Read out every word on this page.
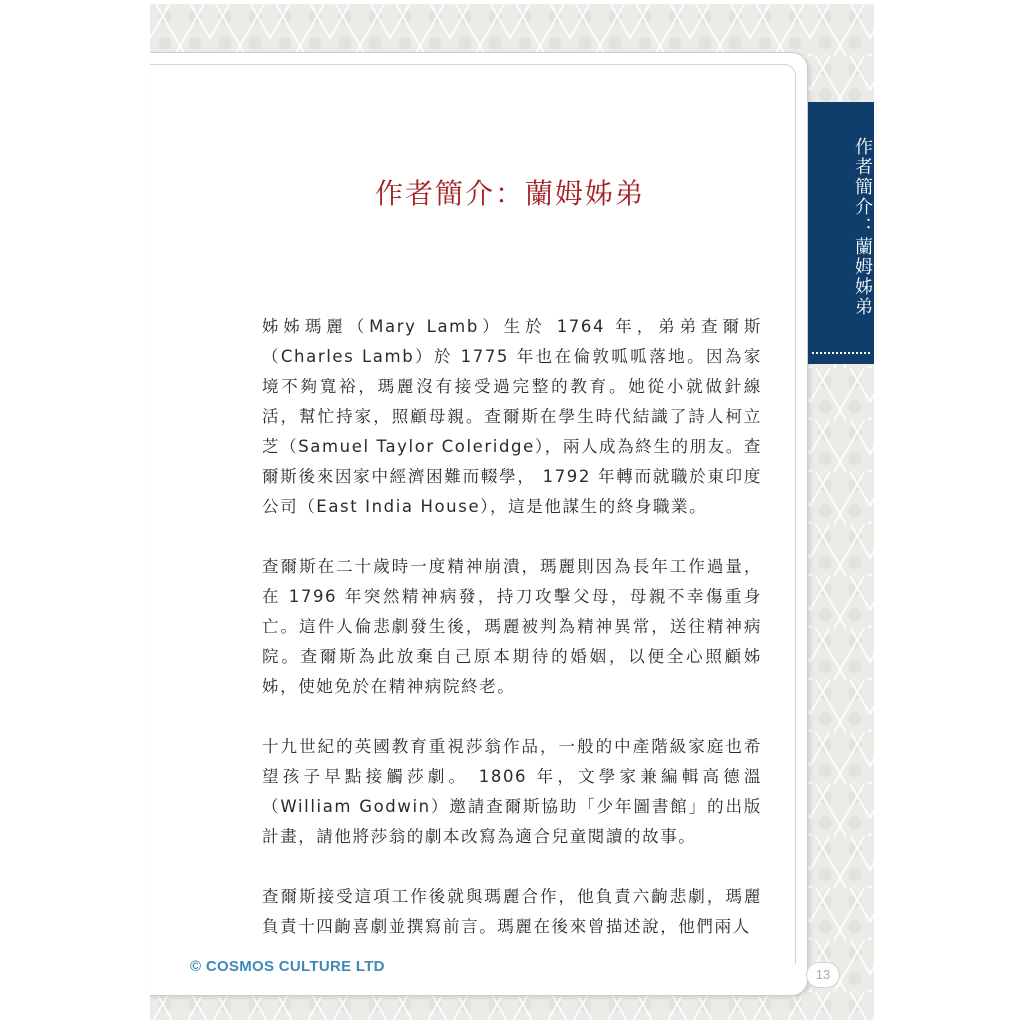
作者簡介：蘭姆姊弟
作者簡介：蘭姆姊弟

姊姊瑪麗（Mary Lamb）生於 1764 年，弟弟查爾斯（Charles Lamb）於 1775 年也在倫敦呱呱落地。因為家境不夠寬裕，瑪麗沒有接受過完整的教育。她從小就做針線活，幫忙持家，照顧母親。查爾斯在學生時代結識了詩人柯立芝（Samuel Taylor Coleridge），兩人成為終生的朋友。查爾斯後來因家中經濟困難而輟學， 1792 年轉而就職於東印度公司（East India House），這是他謀生的終身職業。

查爾斯在二十歲時一度精神崩潰，瑪麗則因為長年工作過量，在 1796 年突然精神病發，持刀攻擊父母，母親不幸傷重身亡。這件人倫悲劇發生後，瑪麗被判為精神異常，送往精神病院。查爾斯為此放棄自己原本期待的婚姻，以便全心照顧姊姊，使她免於在精神病院終老。

十九世紀的英國教育重視莎翁作品，一般的中產階級家庭也希望孩子早點接觸莎劇。 1806 年，文學家兼編輯高德溫（William Godwin）邀請查爾斯協助「少年圖書館」的出版計畫，請他將莎翁的劇本改寫為適合兒童閱讀的故事。

查爾斯接受這項工作後就與瑪麗合作，他負責六齣悲劇，瑪麗負責十四齣喜劇並撰寫前言。瑪麗在後來曾描述說，他們兩人

© COSMOS CULTURE LTD	13
